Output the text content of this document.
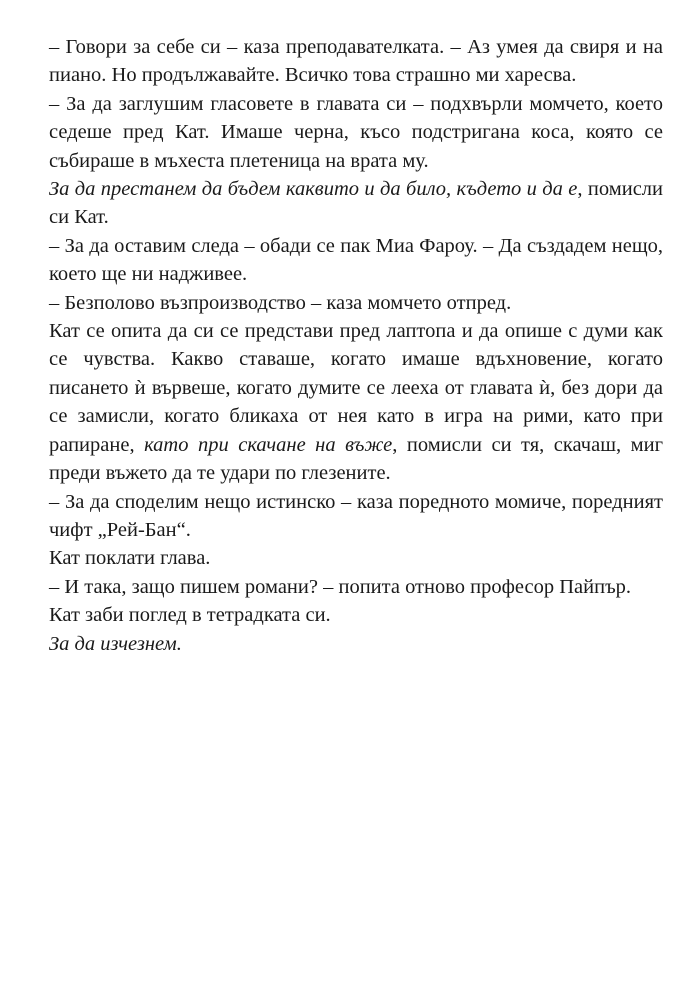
– Говори за себе си – каза преподавателката. – Аз умея да свиря и на пиано. Но продължавайте. Всичко това страшно ми харесва.

– За да заглушим гласовете в главата си – подхвърли момчето, което седеше пред Кат. Имаше черна, късо подстригана коса, която се събираше в мъхеста плетеница на врата му.

За да престанем да бъдем каквито и да било, където и да е, помисли си Кат.

– За да оставим следа – обади се пак Миа Фароу. – Да създадем нещо, което ще ни надживее.

– Безполово възпроизводство – каза момчето отпред.

Кат се опита да си се представи пред лаптопа и да опише с думи как се чувства. Какво ставаше, когато имаше вдъхновение, когато писането ѝ вървеше, когато думите се лееха от главата ѝ, без дори да се замисли, когато бликаха от нея като в игра на рими, като при рапиране, като при скачане на въже, помисли си тя, скачаш, миг преди въжето да те удари по глезените.

– За да споделим нещо истинско – каза поредното момиче, поредният чифт „Рей-Бан“.

Кат поклати глава.

– И така, защо пишем романи? – попита отново професор Пайпър.

Кат заби поглед в тетрадката си.

За да изчезнем.
